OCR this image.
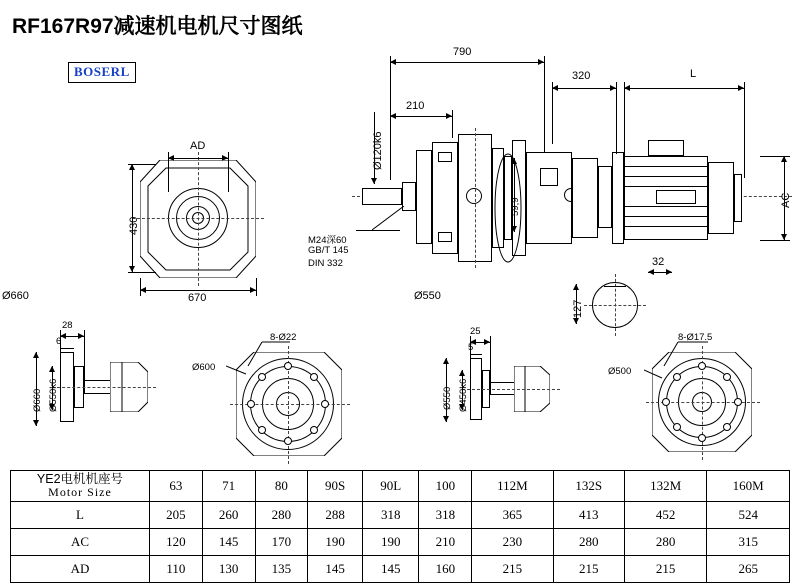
RF167R97减速机电机尺寸图纸
BOSERL
AD
430
670
790
210
Ø120k6
59,9
320	L
AC
M24深60
GB/T 145
DIN 332
Ø550
Ø660
32
127
28
6
Ø660 Ø550k6
Ø600
8-Ø22
25
5
Ø550 Ø450k6
Ø500
8-Ø17.5
YE2电机机座号
Motor Size	63	71	80	90S	90L	100	112M	132S	132M	160M
L	205	260	280	288	318	318	365	413	452	524
AC	120	145	170	190	190	210	230	280	280	315
AD	110	130	135	145	145	160	215	215	215	265
